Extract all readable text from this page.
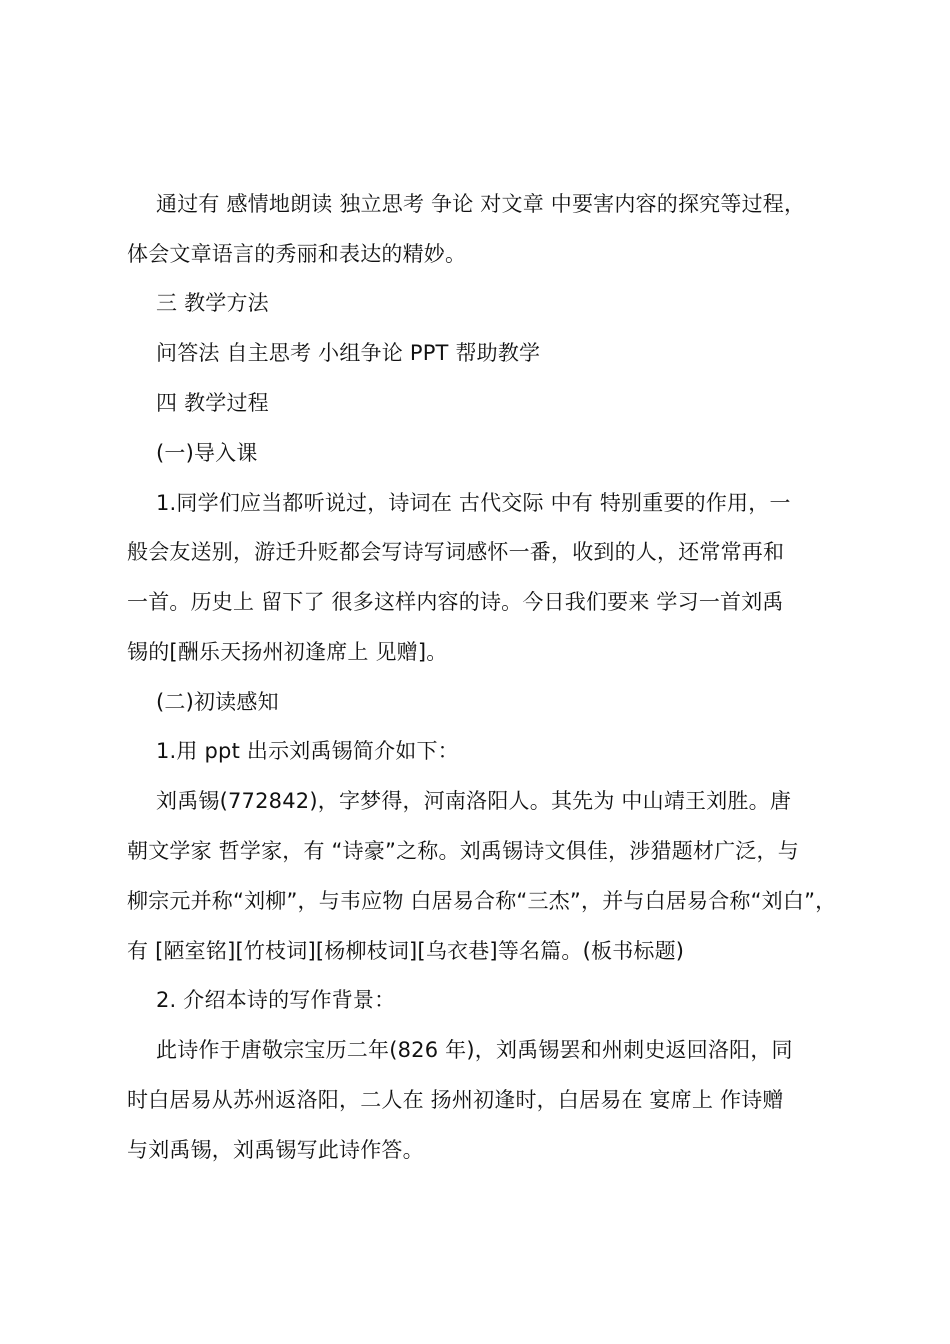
通过有 感情地朗读 独立思考 争论 对文章 中要害内容的探究等过程，
体会文章语言的秀丽和表达的精妙。
三 教学方法
问答法 自主思考 小组争论 PPT 帮助教学
四 教学过程
(一)导入课
1.同学们应当都听说过，诗词在 古代交际 中有 特别重要的作用，一
般会友送别，游迁升贬都会写诗写词感怀一番，收到的人，还常常再和
一首。历史上 留下了 很多这样内容的诗。今日我们要来 学习一首刘禹
锡的[酬乐天扬州初逢席上 见赠]。
(二)初读感知
1.用 ppt 出示刘禹锡简介如下：
刘禹锡(772842)，字梦得，河南洛阳人。其先为 中山靖王刘胜。唐
朝文学家 哲学家，有 “诗豪”之称。刘禹锡诗文俱佳，涉猎题材广泛，与
柳宗元并称“刘柳”，与韦应物 白居易合称“三杰”，并与白居易合称“刘白”，
有 [陋室铭][竹枝词][杨柳枝词][乌衣巷]等名篇。(板书标题)
2. 介绍本诗的写作背景：
此诗作于唐敬宗宝历二年(826 年)，刘禹锡罢和州刺史返回洛阳，同
时白居易从苏州返洛阳，二人在 扬州初逢时，白居易在 宴席上 作诗赠
与刘禹锡，刘禹锡写此诗作答。
